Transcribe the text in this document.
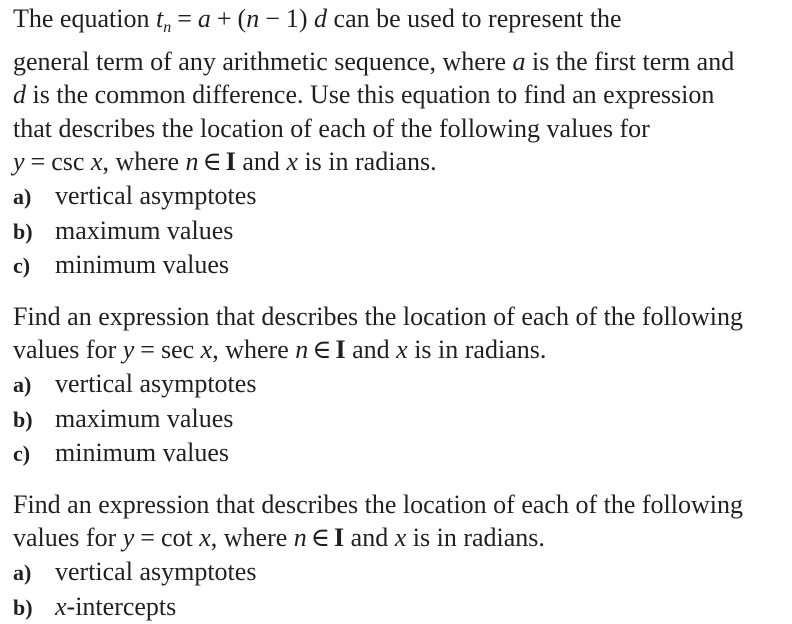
The equation $t_n = a + (n - 1)$ d can be used to represent the
general term of any arithmetic sequence, where a is the first term and
d is the common difference. Use this equation to find an expression
that describes the location of each of the following values for
y = csc x, where n ∈ I and x is in radians.
a) vertical asymptotes
b) maximum values
c) minimum values
Find an expression that describes the location of each of the following
values for y = sec x, where n ∈ I and x is in radians.
a) vertical asymptotes
b) maximum values
c) minimum values
Find an expression that describes the location of each of the following
values for y = cot x, where n ∈ I and x is in radians.
a) vertical asymptotes
b) x-intercepts
